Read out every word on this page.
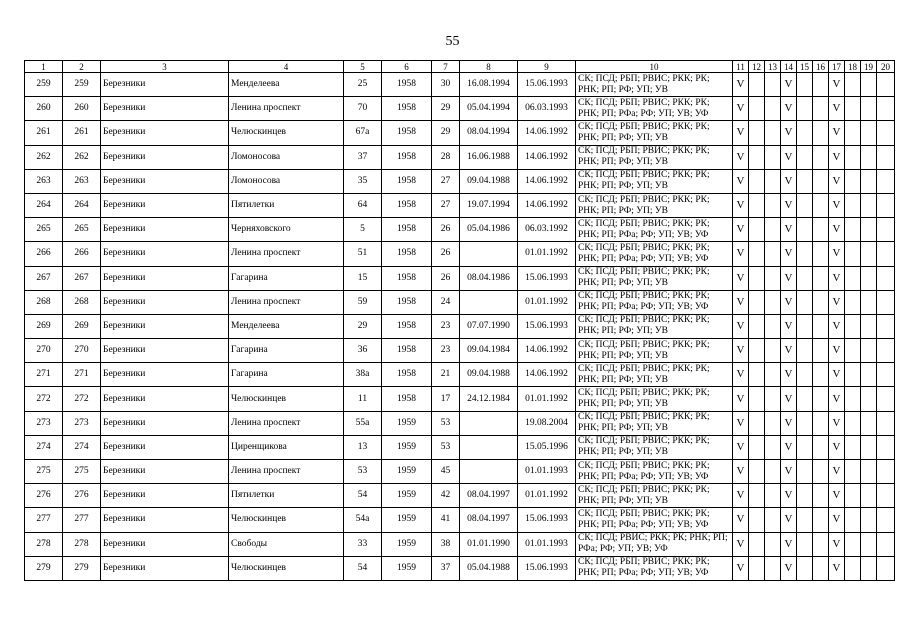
55
1	2	3	4	5	6	7	8	9	10	11	12	13	14	15	16	17	18	19	20
259	259	Березники	Менделеева	25	1958	30	16.08.1994	15.06.1993	СК; ПСД; РБП; РВИС; РКК; РК; РНК; РП; РФ; УП; УВ	V			V			V			
260	260	Березники	Ленина проспект	70	1958	29	05.04.1994	06.03.1993	СК; ПСД; РБП; РВИС; РКК; РК; РНК; РП; РФа; РФ; УП; УВ; УФ	V			V			V			
261	261	Березники	Челюскинцев	67а	1958	29	08.04.1994	14.06.1992	СК; ПСД; РБП; РВИС; РКК; РК; РНК; РП; РФ; УП; УВ	V			V			V			
262	262	Березники	Ломоносова	37	1958	28	16.06.1988	14.06.1992	СК; ПСД; РБП; РВИС; РКК; РК; РНК; РП; РФ; УП; УВ	V			V			V			
263	263	Березники	Ломоносова	35	1958	27	09.04.1988	14.06.1992	СК; ПСД; РБП; РВИС; РКК; РК; РНК; РП; РФ; УП; УВ	V			V			V			
264	264	Березники	Пятилетки	64	1958	27	19.07.1994	14.06.1992	СК; ПСД; РБП; РВИС; РКК; РК; РНК; РП; РФ; УП; УВ	V			V			V			
265	265	Березники	Черняховского	5	1958	26	05.04.1986	06.03.1992	СК; ПСД; РБП; РВИС; РКК; РК; РНК; РП; РФа; РФ; УП; УВ; УФ	V			V			V			
266	266	Березники	Ленина проспект	51	1958	26		01.01.1992	СК; ПСД; РБП; РВИС; РКК; РК; РНК; РП; РФа; РФ; УП; УВ; УФ	V			V			V			
267	267	Березники	Гагарина	15	1958	26	08.04.1986	15.06.1993	СК; ПСД; РБП; РВИС; РКК; РК; РНК; РП; РФ; УП; УВ	V			V			V			
268	268	Березники	Ленина проспект	59	1958	24		01.01.1992	СК; ПСД; РБП; РВИС; РКК; РК; РНК; РП; РФа; РФ; УП; УВ; УФ	V			V			V			
269	269	Березники	Менделеева	29	1958	23	07.07.1990	15.06.1993	СК; ПСД; РБП; РВИС; РКК; РК; РНК; РП; РФ; УП; УВ	V			V			V			
270	270	Березники	Гагарина	36	1958	23	09.04.1984	14.06.1992	СК; ПСД; РБП; РВИС; РКК; РК; РНК; РП; РФ; УП; УВ	V			V			V			
271	271	Березники	Гагарина	38а	1958	21	09.04.1988	14.06.1992	СК; ПСД; РБП; РВИС; РКК; РК; РНК; РП; РФ; УП; УВ	V			V			V			
272	272	Березники	Челюскинцев	11	1958	17	24.12.1984	01.01.1992	СК; ПСД; РБП; РВИС; РКК; РК; РНК; РП; РФ; УП; УВ	V			V			V			
273	273	Березники	Ленина проспект	55а	1959	53		19.08.2004	СК; ПСД; РБП; РВИС; РКК; РК; РНК; РП; РФ; УП; УВ	V			V			V			
274	274	Березники	Циренщикова	13	1959	53		15.05.1996	СК; ПСД; РБП; РВИС; РКК; РК; РНК; РП; РФ; УП; УВ	V			V			V			
275	275	Березники	Ленина проспект	53	1959	45		01.01.1993	СК; ПСД; РБП; РВИС; РКК; РК; РНК; РП; РФа; РФ; УП; УВ; УФ	V			V			V			
276	276	Березники	Пятилетки	54	1959	42	08.04.1997	01.01.1992	СК; ПСД; РБП; РВИС; РКК; РК; РНК; РП; РФ; УП; УВ	V			V			V			
277	277	Березники	Челюскинцев	54а	1959	41	08.04.1997	15.06.1993	СК; ПСД; РБП; РВИС; РКК; РК; РНК; РП; РФа; РФ; УП; УВ; УФ	V			V			V			
278	278	Березники	Свободы	33	1959	38	01.01.1990	01.01.1993	СК; ПСД; РВИС; РКК; РК; РНК; РП; РФа; РФ; УП; УВ; УФ	V			V			V			
279	279	Березники	Челюскинцев	54	1959	37	05.04.1988	15.06.1993	СК; ПСД; РБП; РВИС; РКК; РК; РНК; РП; РФа; РФ; УП; УВ; УФ	V			V			V			
